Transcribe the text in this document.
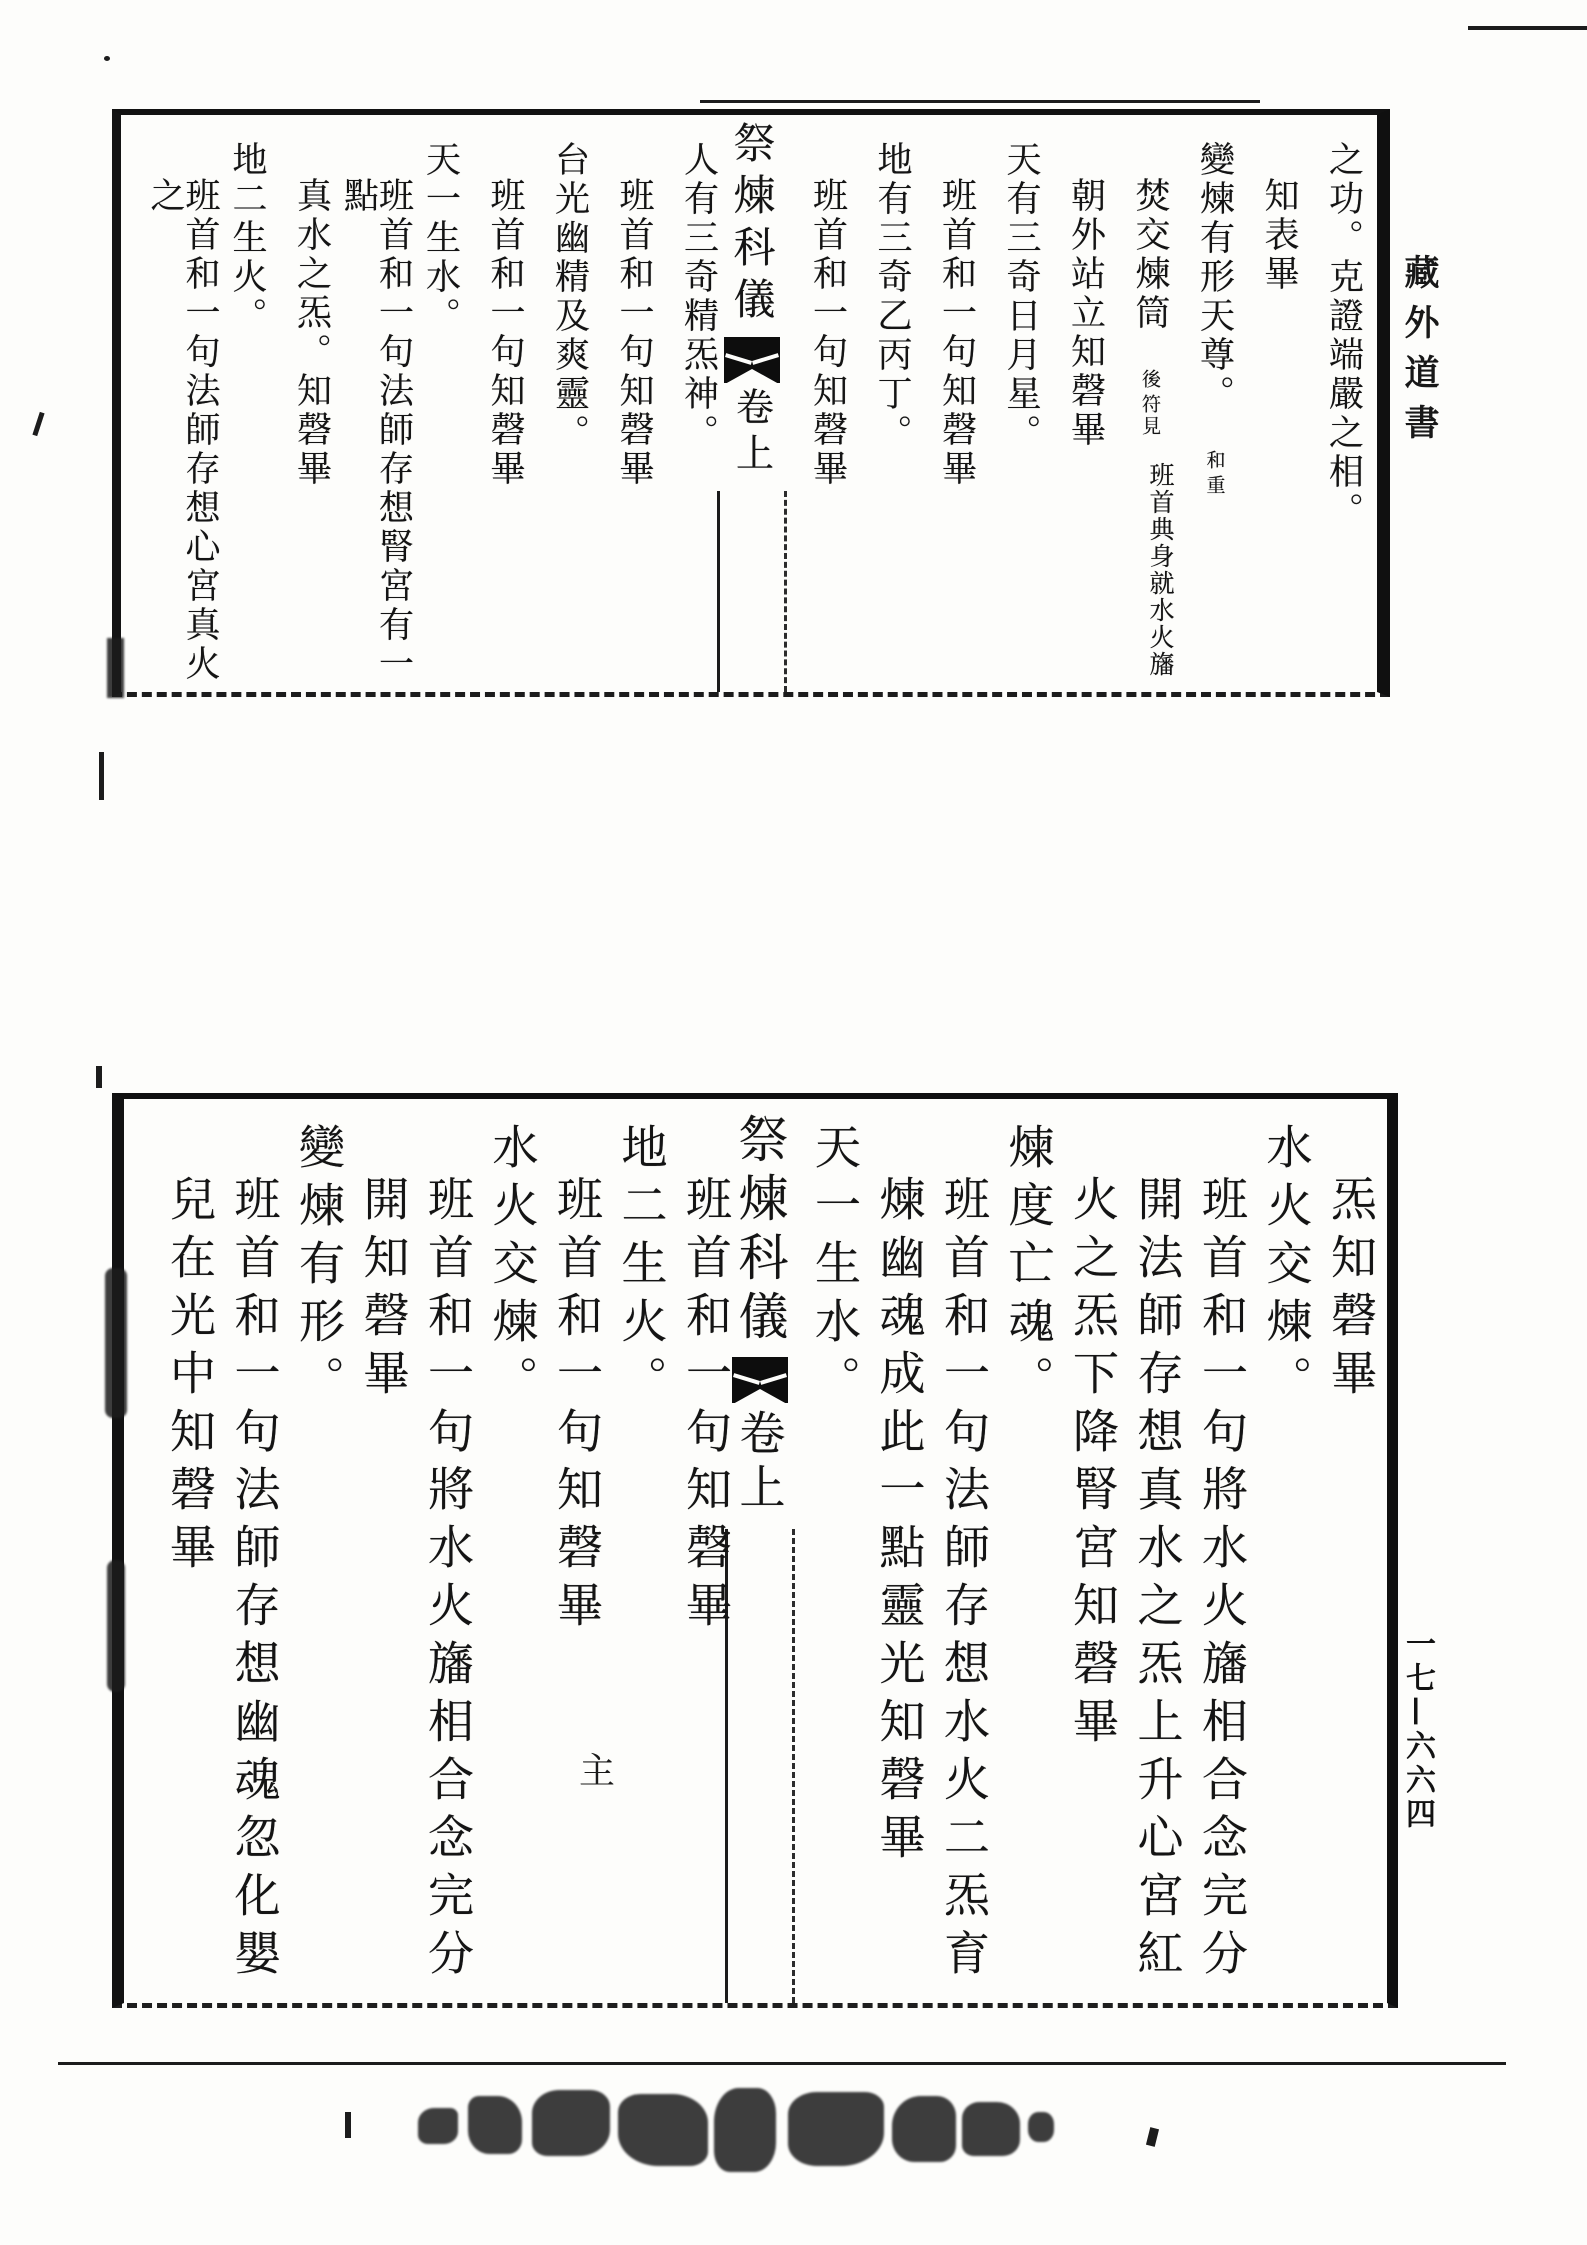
之功。克證端嚴之相。
知表畢
變煉有形天尊。
重
和
焚交煉筒
符見
後
班首典身就水火旛
朝外站立知磬畢
天有三奇日月星。
班首和一句知磬畢
地有三奇乙丙丁。
班首和一句知磬畢
祭煉科儀
卷上
人有三奇精炁神。
班首和一句知磬畢
台光幽精及爽靈。
班首和一句知磬畢
天一生水。
班首和一句法師存想腎宮有一點
真水之炁。知磬畢
地二生火。
班首和一句法師存想心宮真火之
主
炁知磬畢
水火交煉。
班首和一句將水火旛相合念完分
開法師存想真水之炁上升心宮紅
火之炁下降腎宮知磬畢
煉度亡魂。
班首和一句法師存想水火二炁育
煉幽魂成此一點靈光知磬畢
天一生水。
祭煉科儀
卷上
班首和一句知磬畢
地二生火。
班首和一句知磬畢
水火交煉。
班首和一句將水火旛相合念完分
開知磬畢
變煉有形。
班首和一句法師存想幽魂忽化嬰
兒在光中知磬畢
藏外道書
一七—六六四
